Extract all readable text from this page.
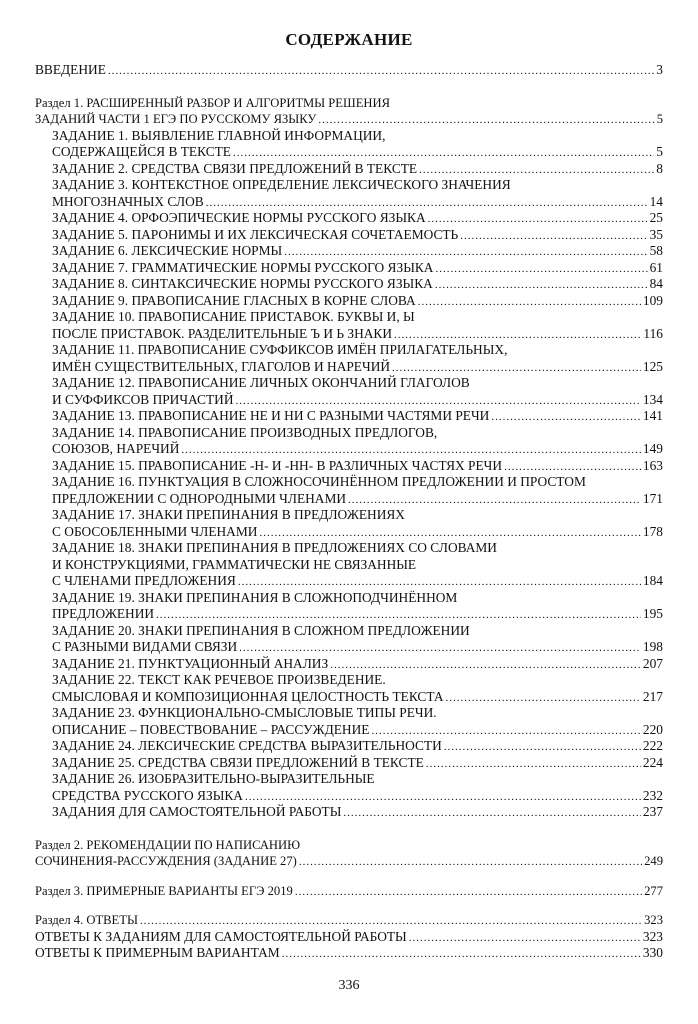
СОДЕРЖАНИЕ
ВВЕДЕНИЕ .....	3
Раздел 1. РАСШИРЕННЫЙ РАЗБОР И АЛГОРИТМЫ РЕШЕНИЯ
ЗАДАНИЙ ЧАСТИ 1 ЕГЭ ПО РУССКОМУ ЯЗЫКУ .....	5
ЗАДАНИЕ 1. ВЫЯВЛЕНИЕ ГЛАВНОЙ ИНФОРМАЦИИ,
СОДЕРЖАЩЕЙСЯ В ТЕКСТЕ .....	5
ЗАДАНИЕ 2. СРЕДСТВА СВЯЗИ ПРЕДЛОЖЕНИЙ В ТЕКСТЕ .....	8
ЗАДАНИЕ 3. КОНТЕКСТНОЕ ОПРЕДЕЛЕНИЕ ЛЕКСИЧЕСКОГО ЗНАЧЕНИЯ
МНОГОЗНАЧНЫХ СЛОВ .....	14
ЗАДАНИЕ 4. ОРФОЭПИЧЕСКИЕ НОРМЫ РУССКОГО ЯЗЫКА .....	25
ЗАДАНИЕ 5. ПАРОНИМЫ И ИХ ЛЕКСИЧЕСКАЯ СОЧЕТАЕМОСТЬ .....	35
ЗАДАНИЕ 6. ЛЕКСИЧЕСКИЕ НОРМЫ .....	58
ЗАДАНИЕ 7. ГРАММАТИЧЕСКИЕ НОРМЫ РУССКОГО ЯЗЫКА .....	61
ЗАДАНИЕ 8. СИНТАКСИЧЕСКИЕ НОРМЫ РУССКОГО ЯЗЫКА .....	84
ЗАДАНИЕ 9. ПРАВОПИСАНИЕ ГЛАСНЫХ В КОРНЕ СЛОВА .....	109
ЗАДАНИЕ 10. ПРАВОПИСАНИЕ ПРИСТАВОК. БУКВЫ И, Ы
ПОСЛЕ ПРИСТАВОК. РАЗДЕЛИТЕЛЬНЫЕ Ъ И Ь ЗНАКИ .....	116
ЗАДАНИЕ 11. ПРАВОПИСАНИЕ СУФФИКСОВ ИМЁН ПРИЛАГАТЕЛЬНЫХ,
ИМЁН СУЩЕСТВИТЕЛЬНЫХ, ГЛАГОЛОВ И НАРЕЧИЙ .....	125
ЗАДАНИЕ 12. ПРАВОПИСАНИЕ ЛИЧНЫХ ОКОНЧАНИЙ ГЛАГОЛОВ
И СУФФИКСОВ ПРИЧАСТИЙ .....	134
ЗАДАНИЕ 13. ПРАВОПИСАНИЕ НЕ И НИ С РАЗНЫМИ ЧАСТЯМИ РЕЧИ .....	141
ЗАДАНИЕ 14. ПРАВОПИСАНИЕ ПРОИЗВОДНЫХ ПРЕДЛОГОВ,
СОЮЗОВ, НАРЕЧИЙ .....	149
ЗАДАНИЕ 15. ПРАВОПИСАНИЕ -Н- И -НН- В РАЗЛИЧНЫХ ЧАСТЯХ РЕЧИ .....	163
ЗАДАНИЕ 16. ПУНКТУАЦИЯ В СЛОЖНОСОЧИНЁННОМ ПРЕДЛОЖЕНИИ И ПРОСТОМ
ПРЕДЛОЖЕНИИ С ОДНОРОДНЫМИ ЧЛЕНАМИ .....	171
ЗАДАНИЕ 17. ЗНАКИ ПРЕПИНАНИЯ В ПРЕДЛОЖЕНИЯХ
С ОБОСОБЛЕННЫМИ ЧЛЕНАМИ .....	178
ЗАДАНИЕ 18. ЗНАКИ ПРЕПИНАНИЯ В ПРЕДЛОЖЕНИЯХ СО СЛОВАМИ
И КОНСТРУКЦИЯМИ, ГРАММАТИЧЕСКИ НЕ СВЯЗАННЫЕ
С ЧЛЕНАМИ ПРЕДЛОЖЕНИЯ .....	184
ЗАДАНИЕ 19. ЗНАКИ ПРЕПИНАНИЯ В СЛОЖНОПОДЧИНЁННОМ
ПРЕДЛОЖЕНИИ .....	195
ЗАДАНИЕ 20. ЗНАКИ ПРЕПИНАНИЯ В СЛОЖНОМ ПРЕДЛОЖЕНИИ
С РАЗНЫМИ ВИДАМИ СВЯЗИ .....	198
ЗАДАНИЕ 21. ПУНКТУАЦИОННЫЙ АНАЛИЗ .....	207
ЗАДАНИЕ 22. ТЕКСТ КАК РЕЧЕВОЕ ПРОИЗВЕДЕНИЕ.
СМЫСЛОВАЯ И КОМПОЗИЦИОННАЯ ЦЕЛОСТНОСТЬ ТЕКСТА .....	217
ЗАДАНИЕ 23. ФУНКЦИОНАЛЬНО-СМЫСЛОВЫЕ ТИПЫ РЕЧИ.
ОПИСАНИЕ – ПОВЕСТВОВАНИЕ – РАССУЖДЕНИЕ .....	220
ЗАДАНИЕ 24. ЛЕКСИЧЕСКИЕ СРЕДСТВА ВЫРАЗИТЕЛЬНОСТИ .....	222
ЗАДАНИЕ 25. СРЕДСТВА СВЯЗИ ПРЕДЛОЖЕНИЙ В ТЕКСТЕ .....	224
ЗАДАНИЕ 26. ИЗОБРАЗИТЕЛЬНО-ВЫРАЗИТЕЛЬНЫЕ
СРЕДСТВА РУССКОГО ЯЗЫКА .....	232
ЗАДАНИЯ ДЛЯ САМОСТОЯТЕЛЬНОЙ РАБОТЫ .....	237
Раздел 2. РЕКОМЕНДАЦИИ ПО НАПИСАНИЮ
СОЧИНЕНИЯ-РАССУЖДЕНИЯ (ЗАДАНИЕ 27) .....	249
Раздел 3. ПРИМЕРНЫЕ ВАРИАНТЫ ЕГЭ 2019 .....	277
Раздел 4. ОТВЕТЫ .....	323
ОТВЕТЫ К ЗАДАНИЯМ ДЛЯ САМОСТОЯТЕЛЬНОЙ РАБОТЫ .....	323
ОТВЕТЫ К ПРИМЕРНЫМ ВАРИАНТАМ .....	330
336
